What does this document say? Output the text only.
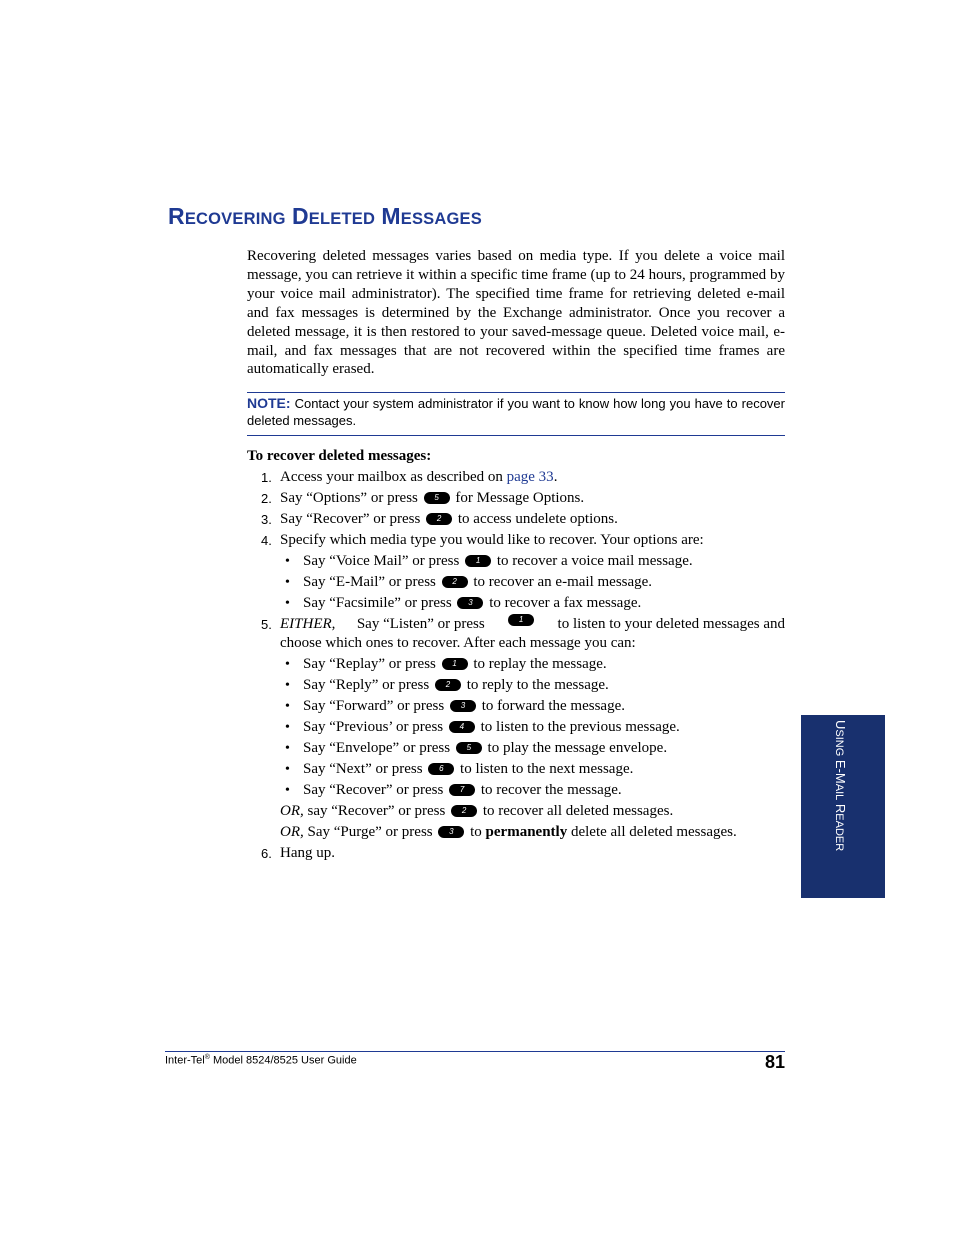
RECOVERING DELETED MESSAGES

Recovering deleted messages varies based on media type. If you delete a voice mail message, you can retrieve it within a specific time frame (up to 24 hours, programmed by your voice mail administrator). The specified time frame for retrieving deleted e-mail and fax messages is determined by the Exchange administrator. Once you recover a deleted message, it is then restored to your saved-message queue. Deleted voice mail, e-mail, and fax messages that are not recovered within the specified time frames are automatically erased.

NOTE: Contact your system administrator if you want to know how long you have to recover deleted messages.

To recover deleted messages:
1. Access your mailbox as described on page 33.
2. Say “Options” or press 5 for Message Options.
3. Say “Recover” or press 2 to access undelete options.
4. Specify which media type you would like to recover. Your options are:
• Say “Voice Mail” or press 1 to recover a voice mail message.
• Say “E-Mail” or press 2 to recover an e-mail message.
• Say “Facsimile” or press 3 to recover a fax message.
5. EITHER, Say “Listen” or press	1	to listen to your deleted messages and
choose which ones to recover. After each message you can:
• Say “Replay” or press 1 to replay the message.
• Say “Reply” or press 2 to reply to the message.
• Say “Forward” or press 3 to forward the message.
• Say “Previous’ or press 4 to listen to the previous message.
• Say “Envelope” or press 5 to play the message envelope.
• Say “Next” or press 6 to listen to the next message.
• Say “Recover” or press 7 to recover the message.
OR, say “Recover” or press 2 to recover all deleted messages.
OR, Say “Purge” or press 3 to permanently delete all deleted messages.
6. Hang up.
USING E-MAIL READER
Inter-Tel® Model 8524/8525 User Guide	81
